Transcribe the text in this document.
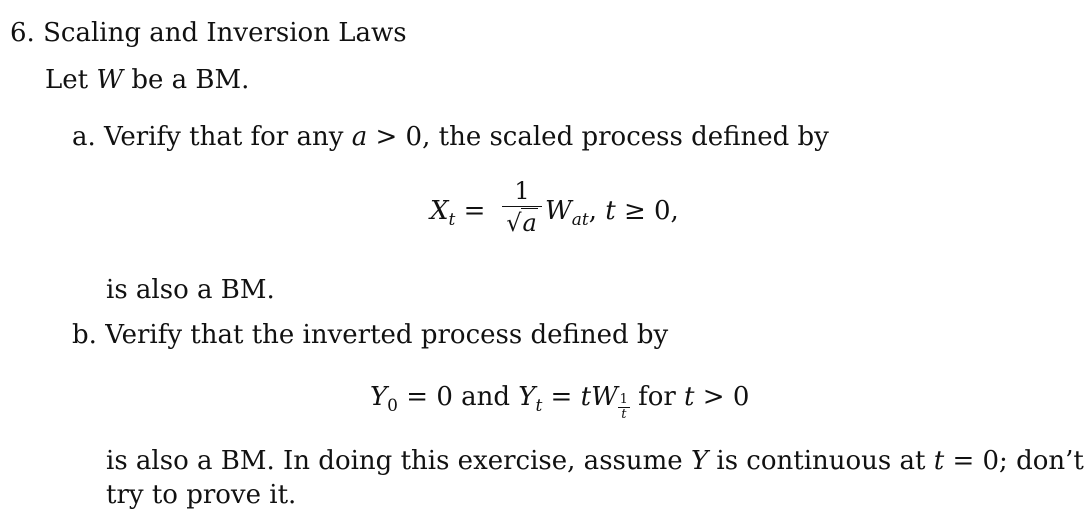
6. Scaling and Inversion Laws
Let W be a BM.
a. Verify that for any a > 0, the scaled process defined by
$X_t$ =
1
√a $W_{at}$, t ≥ 0,
is also a BM.
b. Verify that the inverted process defined by
$Y_0 = 0$ and $Y_t$ = tW $\frac{1}{t}$ for t > 0
is also a BM. In doing this exercise, assume Y is continuous at t = 0; don’t
try to prove it.
